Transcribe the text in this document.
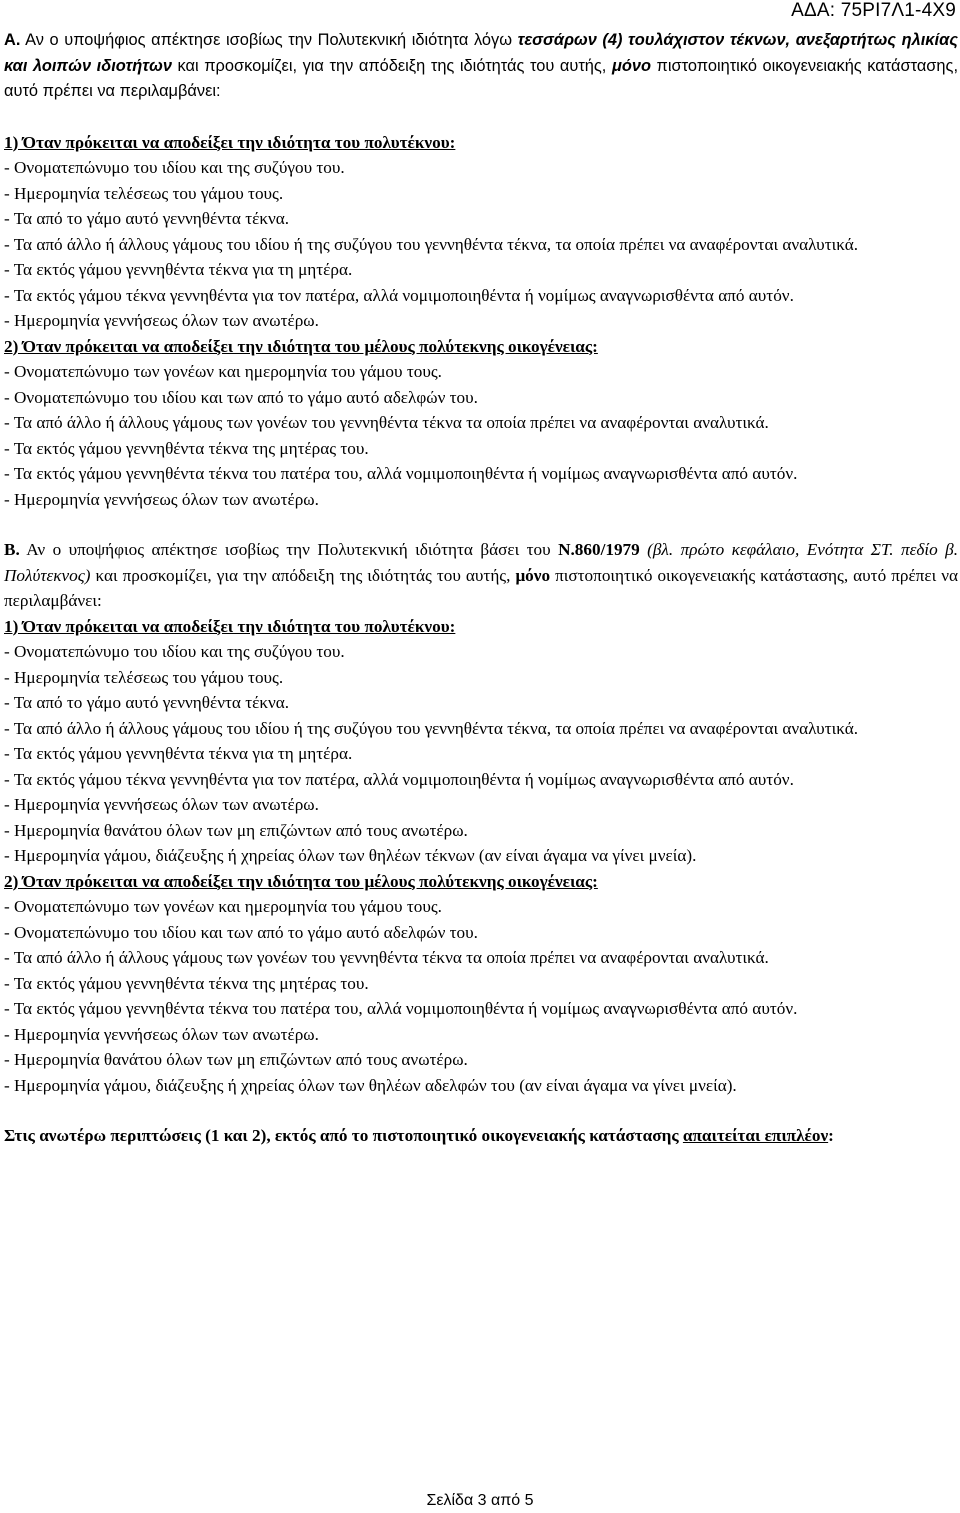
ΑΔΑ: 75ΡΙ7Λ1-4Χ9

Α. Αν ο υποψήφιος απέκτησε ισοβίως την Πολυτεκνική ιδιότητα λόγω τεσσάρων (4) τουλάχιστον τέκνων, ανεξαρτήτως ηλικίας και λοιπών ιδιοτήτων και προσκομίζει, για την απόδειξη της ιδιότητάς του αυτής, μόνο πιστοποιητικό οικογενειακής κατάστασης, αυτό πρέπει να περιλαμβάνει:

1) Όταν πρόκειται να αποδείξει την ιδιότητα του πολυτέκνου:

- Ονοματεπώνυμο του ιδίου και της συζύγου του.
- Ημερομηνία τελέσεως του γάμου τους.
- Τα από το γάμο αυτό γεννηθέντα τέκνα.
- Τα από άλλο ή άλλους γάμους του ιδίου ή της συζύγου του γεννηθέντα τέκνα, τα οποία πρέπει να αναφέρονται αναλυτικά.
- Τα εκτός γάμου γεννηθέντα τέκνα για τη μητέρα.
- Τα εκτός γάμου τέκνα γεννηθέντα για τον πατέρα, αλλά νομιμοποιηθέντα ή νομίμως αναγνωρισθέντα από αυτόν.
- Ημερομηνία γεννήσεως όλων των ανωτέρω.

2) Όταν πρόκειται να αποδείξει την ιδιότητα του μέλους πολύτεκνης οικογένειας:

- Ονοματεπώνυμο των γονέων και ημερομηνία του γάμου τους.
- Ονοματεπώνυμο του ιδίου και των από το γάμο αυτό αδελφών του.
- Τα από άλλο ή άλλους γάμους των γονέων του γεννηθέντα τέκνα τα οποία πρέπει να αναφέρονται αναλυτικά.
- Τα εκτός γάμου γεννηθέντα τέκνα της μητέρας του.
- Τα εκτός γάμου γεννηθέντα τέκνα του πατέρα του, αλλά νομιμοποιηθέντα ή νομίμως αναγνωρισθέντα από αυτόν.
- Ημερομηνία γεννήσεως όλων των ανωτέρω.

Β. Αν ο υποψήφιος απέκτησε ισοβίως την Πολυτεκνική ιδιότητα βάσει του Ν.860/1979 (βλ. πρώτο κεφάλαιο, Ενότητα ΣΤ. πεδίο β. Πολύτεκνος) και προσκομίζει, για την απόδειξη της ιδιότητάς του αυτής, μόνο πιστοποιητικό οικογενειακής κατάστασης, αυτό πρέπει να περιλαμβάνει:

1) Όταν πρόκειται να αποδείξει την ιδιότητα του πολυτέκνου:

- Ονοματεπώνυμο του ιδίου και της συζύγου του.
- Ημερομηνία τελέσεως του γάμου τους.
- Τα από το γάμο αυτό γεννηθέντα τέκνα.
- Τα από άλλο ή άλλους γάμους του ιδίου ή της συζύγου του γεννηθέντα τέκνα, τα οποία πρέπει να αναφέρονται αναλυτικά.
- Τα εκτός γάμου γεννηθέντα τέκνα για τη μητέρα.
- Τα εκτός γάμου τέκνα γεννηθέντα για τον πατέρα, αλλά νομιμοποιηθέντα ή νομίμως αναγνωρισθέντα από αυτόν.
- Ημερομηνία γεννήσεως όλων των ανωτέρω.
- Ημερομηνία θανάτου όλων των μη επιζώντων από τους ανωτέρω.
- Ημερομηνία γάμου, διάζευξης ή χηρείας όλων των θηλέων τέκνων (αν είναι άγαμα να γίνει μνεία).

2) Όταν πρόκειται να αποδείξει την ιδιότητα του μέλους πολύτεκνης οικογένειας:

- Ονοματεπώνυμο των γονέων και ημερομηνία του γάμου τους.
- Ονοματεπώνυμο του ιδίου και των από το γάμο αυτό αδελφών του.
- Τα από άλλο ή άλλους γάμους των γονέων του γεννηθέντα τέκνα τα οποία πρέπει να αναφέρονται αναλυτικά.
- Τα εκτός γάμου γεννηθέντα τέκνα της μητέρας του.
- Τα εκτός γάμου γεννηθέντα τέκνα του πατέρα του, αλλά νομιμοποιηθέντα ή νομίμως αναγνωρισθέντα από αυτόν.
- Ημερομηνία γεννήσεως όλων των ανωτέρω.
- Ημερομηνία θανάτου όλων των μη επιζώντων από τους ανωτέρω.
- Ημερομηνία γάμου, διάζευξης ή χηρείας όλων των θηλέων αδελφών του (αν είναι άγαμα να γίνει μνεία).

Στις ανωτέρω περιπτώσεις (1 και 2), εκτός από το πιστοποιητικό οικογενειακής κατάστασης απαιτείται επιπλέον:

Σελίδα 3 από 5
